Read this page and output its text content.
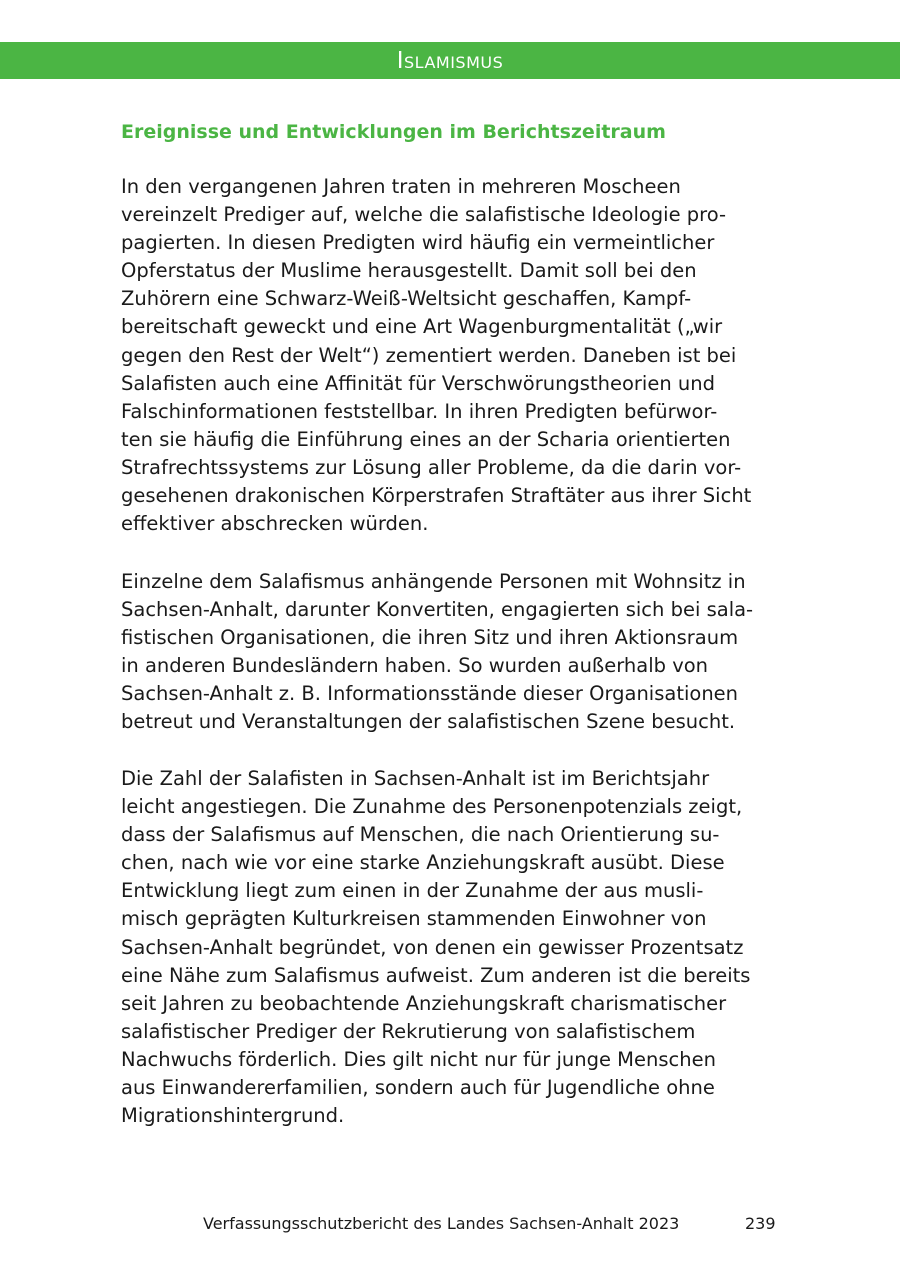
Islamismus
Ereignisse und Entwicklungen im Berichtszeitraum
In den vergangenen Jahren traten in mehreren Moscheen
vereinzelt Prediger auf, welche die salafistische Ideologie pro-
pagierten. In diesen Predigten wird häufig ein vermeintlicher
Opferstatus der Muslime herausgestellt. Damit soll bei den
Zuhörern eine Schwarz-Weiß-Weltsicht geschaffen, Kampf-
bereitschaft geweckt und eine Art Wagenburgmentalität („wir
gegen den Rest der Welt“) zementiert werden. Daneben ist bei
Salafisten auch eine Affinität für Verschwörungstheorien und
Falschinformationen feststellbar. In ihren Predigten befürwor-
ten sie häufig die Einführung eines an der Scharia orientierten
Strafrechtssystems zur Lösung aller Probleme, da die darin vor-
gesehenen drakonischen Körperstrafen Straftäter aus ihrer Sicht
effektiver abschrecken würden.
Einzelne dem Salafismus anhängende Personen mit Wohnsitz in
Sachsen-Anhalt, darunter Konvertiten, engagierten sich bei sala-
fistischen Organisationen, die ihren Sitz und ihren Aktionsraum
in anderen Bundesländern haben. So wurden außerhalb von
Sachsen-Anhalt z. B. Informationsstände dieser Organisationen
betreut und Veranstaltungen der salafistischen Szene besucht.
Die Zahl der Salafisten in Sachsen-Anhalt ist im Berichtsjahr
leicht angestiegen. Die Zunahme des Personenpotenzials zeigt,
dass der Salafismus auf Menschen, die nach Orientierung su-
chen, nach wie vor eine starke Anziehungskraft ausübt. Diese
Entwicklung liegt zum einen in der Zunahme der aus musli-
misch geprägten Kulturkreisen stammenden Einwohner von
Sachsen-Anhalt begründet, von denen ein gewisser Prozentsatz
eine Nähe zum Salafismus aufweist. Zum anderen ist die bereits
seit Jahren zu beobachtende Anziehungskraft charismatischer
salafistischer Prediger der Rekrutierung von salafistischem
Nachwuchs förderlich. Dies gilt nicht nur für junge Menschen
aus Einwandererfamilien, sondern auch für Jugendliche ohne
Migrationshintergrund.
Verfassungsschutzbericht des Landes Sachsen-Anhalt 2023	239
